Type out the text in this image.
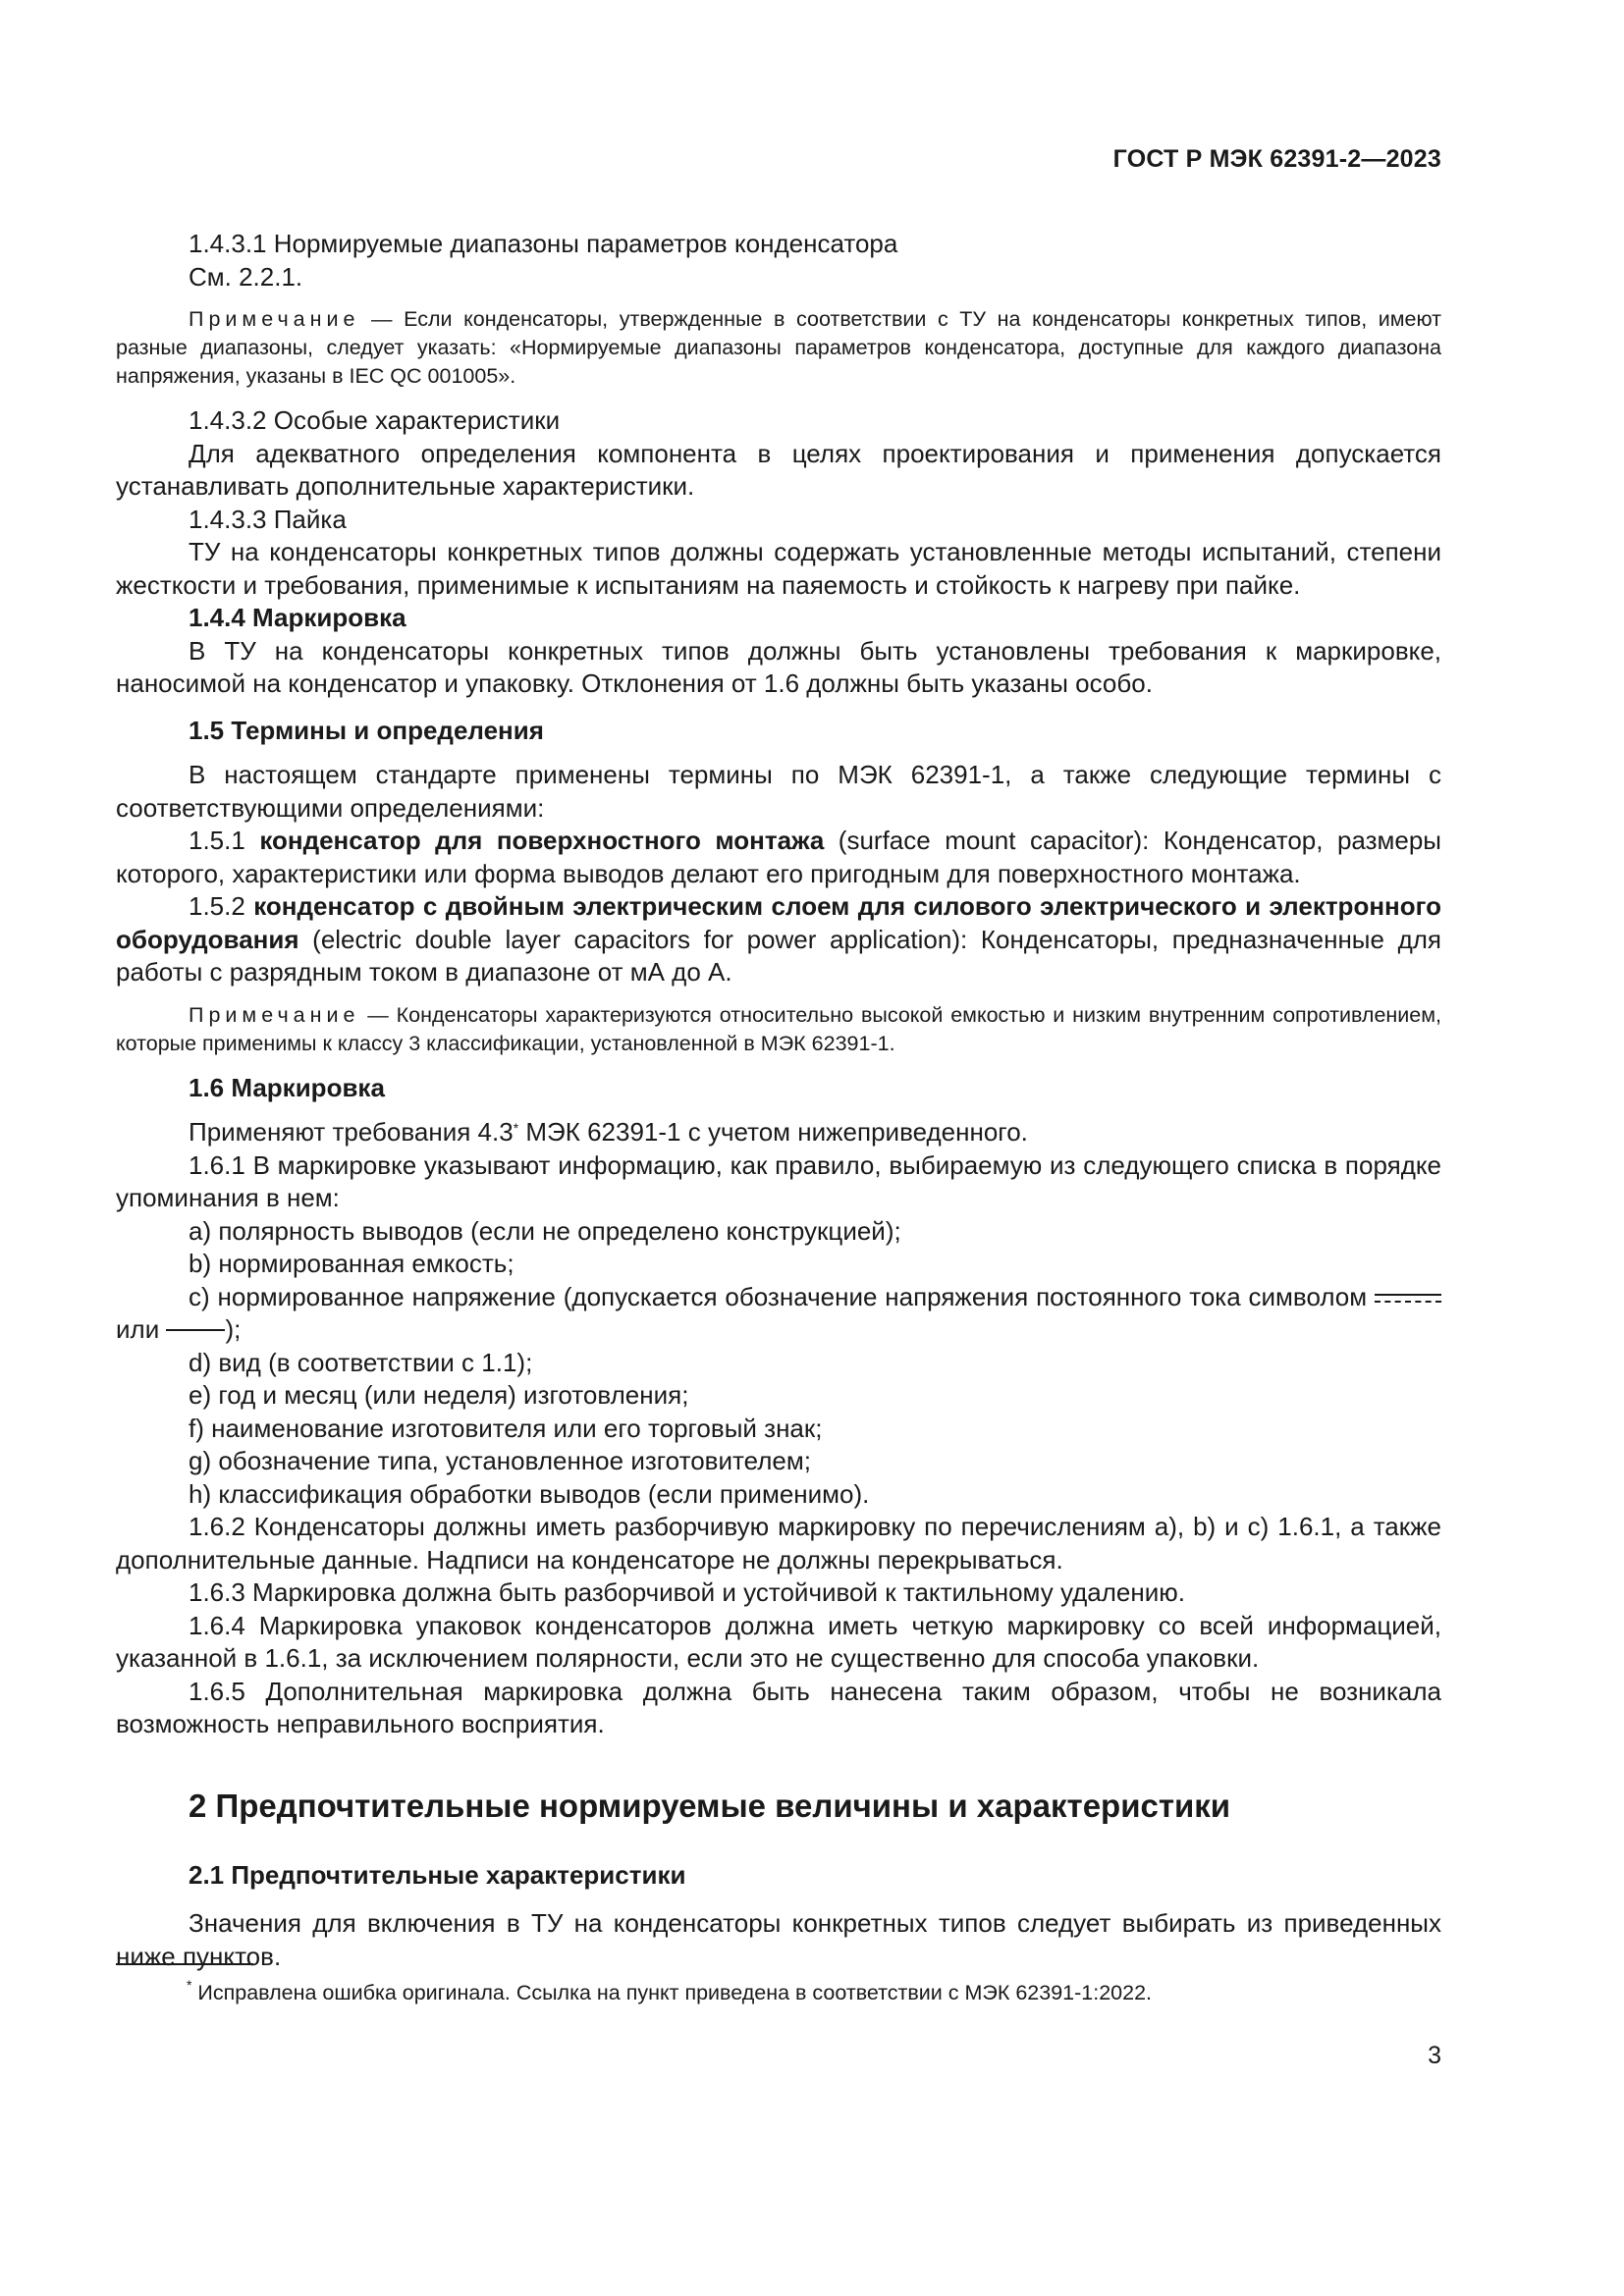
ГОСТ Р МЭК 62391-2—2023

1.4.3.1 Нормируемые диапазоны параметров конденсатора

См. 2.2.1.

Примечание — Если конденсаторы, утвержденные в соответствии с ТУ на конденсаторы конкретных типов, имеют разные диапазоны, следует указать: «Нормируемые диапазоны параметров конденсатора, доступные для каждого диапазона напряжения, указаны в IEC QC 001005».

1.4.3.2 Особые характеристики

Для адекватного определения компонента в целях проектирования и применения допускается устанавливать дополнительные характеристики.

1.4.3.3 Пайка

ТУ на конденсаторы конкретных типов должны содержать установленные методы испытаний, степени жесткости и требования, применимые к испытаниям на паяемость и стойкость к нагреву при пайке.

1.4.4 Маркировка

В ТУ на конденсаторы конкретных типов должны быть установлены требования к маркировке, наносимой на конденсатор и упаковку. Отклонения от 1.6 должны быть указаны особо.

1.5 Термины и определения

В настоящем стандарте применены термины по МЭК 62391-1, а также следующие термины с соответствующими определениями:

1.5.1 конденсатор для поверхностного монтажа (surface mount capacitor): Конденсатор, размеры которого, характеристики или форма выводов делают его пригодным для поверхностного монтажа.

1.5.2 конденсатор с двойным электрическим слоем для силового электрического и электронного оборудования (electric double layer capacitors for power application): Конденсаторы, предназначенные для работы с разрядным током в диапазоне от мА до А.

Примечание — Конденсаторы характеризуются относительно высокой емкостью и низким внутренним сопротивлением, которые применимы к классу 3 классификации, установленной в МЭК 62391-1.

1.6 Маркировка

Применяют требования 4.3* МЭК 62391-1 с учетом нижеприведенного.

1.6.1 В маркировке указывают информацию, как правило, выбираемую из следующего списка в порядке упоминания в нем:

a) полярность выводов (если не определено конструкцией);

b) нормированная емкость;

c) нормированное напряжение (допускается обозначение напряжения постоянного тока символом
или
);

d) вид (в соответствии с 1.1);

e) год и месяц (или неделя) изготовления;

f) наименование изготовителя или его торговый знак;

g) обозначение типа, установленное изготовителем;

h) классификация обработки выводов (если применимо).

1.6.2 Конденсаторы должны иметь разборчивую маркировку по перечислениям a), b) и c) 1.6.1, а также дополнительные данные. Надписи на конденсаторе не должны перекрываться.

1.6.3 Маркировка должна быть разборчивой и устойчивой к тактильному удалению.

1.6.4 Маркировка упаковок конденсаторов должна иметь четкую маркировку со всей информацией, указанной в 1.6.1, за исключением полярности, если это не существенно для способа упаковки.

1.6.5 Дополнительная маркировка должна быть нанесена таким образом, чтобы не возникала возможность неправильного восприятия.

2 Предпочтительные нормируемые величины и характеристики

2.1 Предпочтительные характеристики

Значения для включения в ТУ на конденсаторы конкретных типов следует выбирать из приведенных ниже пунктов.

* Исправлена ошибка оригинала. Ссылка на пункт приведена в соответствии с МЭК 62391-1:2022.
3
